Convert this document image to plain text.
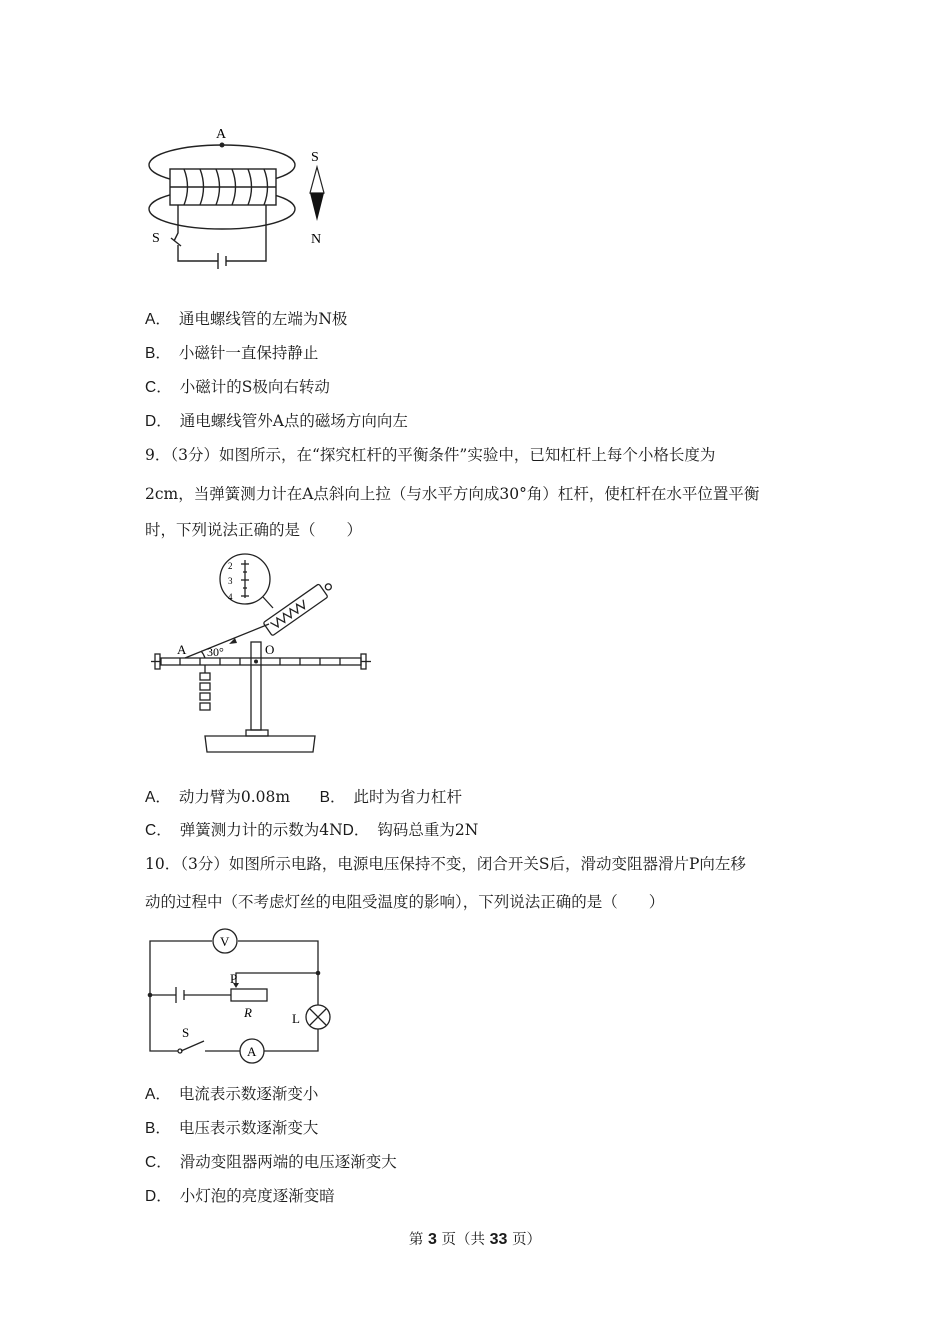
A
S
S
N
A． 通电螺线管的左端为N极
B． 小磁针一直保持静止
C． 小磁计的S极向右转动
D． 通电螺线管外A点的磁场方向向左
9．（3分）如图所示，在“探究杠杆的平衡条件”实验中，已知杠杆上每个小格长度为
2cm，当弹簧测力计在A点斜向上拉（与水平方向成30°角）杠杆，使杠杆在水平位置平衡
时，下列说法正确的是（　　）
2
3
4
A 30°	O
A． 动力臂为0.08m B． 此时为省力杠杆
C． 弹簧测力计的示数为4ND． 钩码总重为2N
10．（3分）如图所示电路，电源电压保持不变，闭合开关S后，滑动变阻器滑片P向左移
动的过程中（不考虑灯丝的电阻受温度的影响），下列说法正确的是（　　）
V
A
P
R	L
S
A． 电流表示数逐渐变小
B． 电压表示数逐渐变大
C． 滑动变阻器两端的电压逐渐变大
D． 小灯泡的亮度逐渐变暗
第 3 页（共 33 页）
